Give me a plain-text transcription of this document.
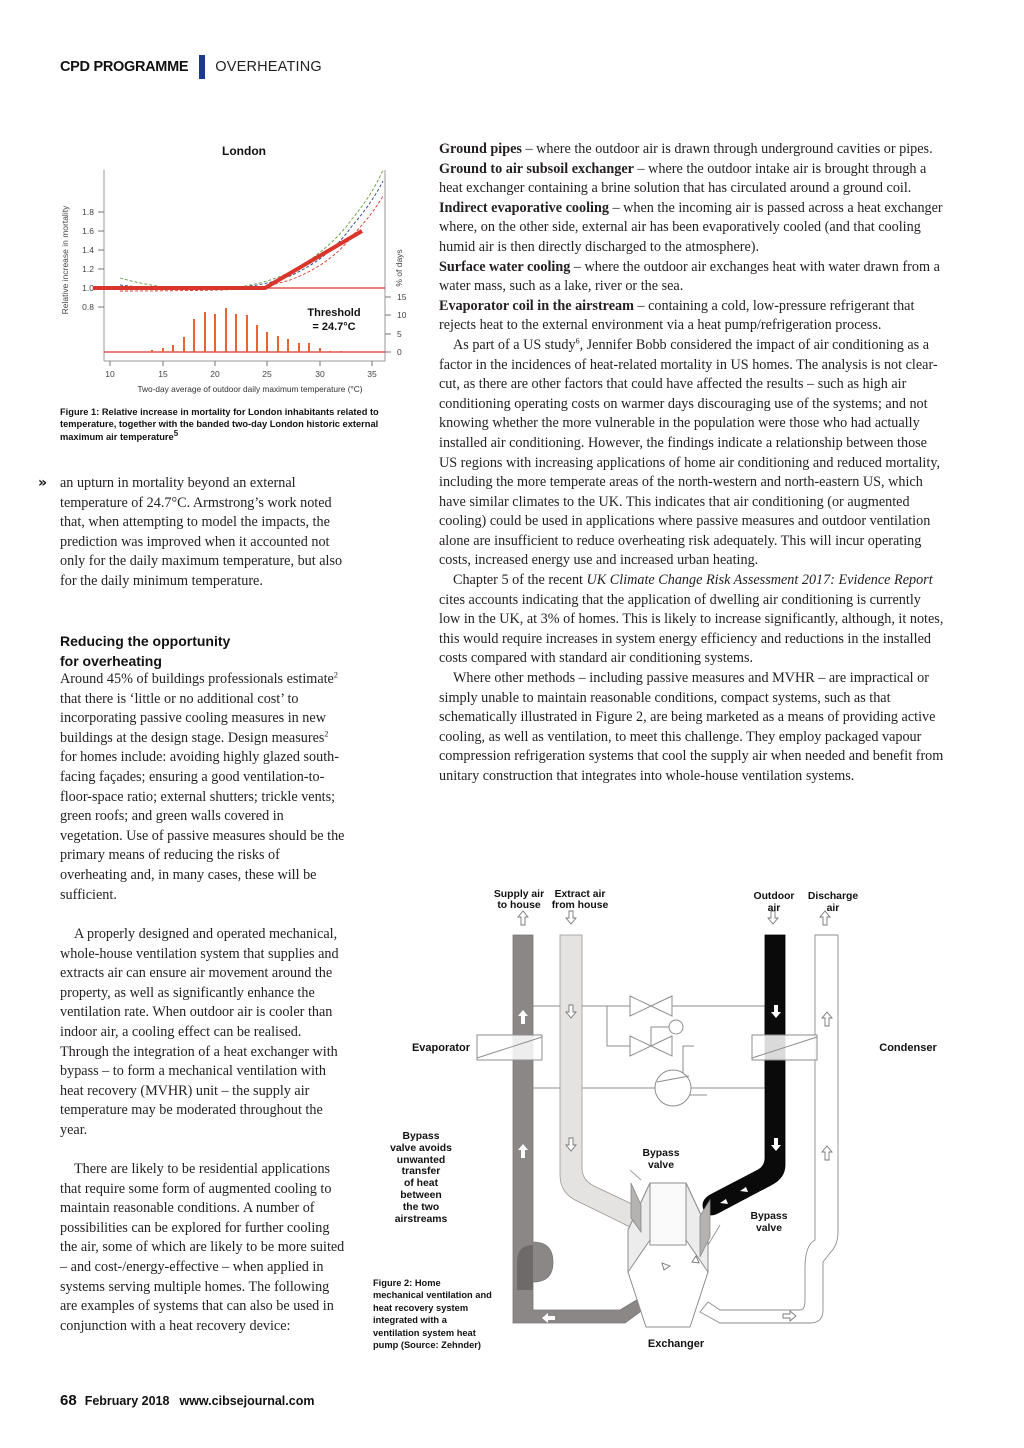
CPD PROGRAMME OVERHEATING
London
1.8
1.6
1.4
1.2
1.0
0.8
Relative increase in mortality	15
10
5
0
% of days
10	15	20	25	30	35
Two-day average of outdoor daily maximum temperature (°C)
Threshold
= 24.7°C
Figure 1: Relative increase in mortality for London inhabitants related to temperature, together with the banded two-day London historic external maximum air temperature$^5$
» an upturn in mortality beyond an external temperature of 24.7°C. Armstrong’s work noted that, when attempting to model the impacts, the prediction was improved when it accounted not only for the daily maximum temperature, but also for the daily minimum temperature.

Reducing the opportunity
for overheating

Around 45% of buildings professionals estimate$^2$ that there is ‘little or no additional cost’ to incorporating passive cooling measures in new buildings at the design stage. Design measures$^2$ for homes include: avoiding highly glazed south-facing façades; ensuring a good ventilation-to-floor-space ratio; external shutters; trickle vents; green roofs; and green walls covered in vegetation. Use of passive measures should be the primary means of reducing the risks of overheating and, in many cases, these will be sufficient.

A properly designed and operated mechanical, whole-house ventilation system that supplies and extracts air can ensure air movement around the property, as well as significantly enhance the ventilation rate. When outdoor air is cooler than indoor air, a cooling effect can be realised. Through the integration of a heat exchanger with bypass – to form a mechanical ventilation with heat recovery (MVHR) unit – the supply air temperature may be moderated throughout the year.

There are likely to be residential applications that require some form of augmented cooling to maintain reasonable conditions. A number of possibilities can be explored for further cooling the air, some of which are likely to be more suited – and cost-/energy-effective – when applied in systems serving multiple homes. The following are examples of systems that can also be used in conjunction with a heat recovery device:

Ground pipes – where the outdoor air is drawn through underground cavities or pipes.

Ground to air subsoil exchanger – where the outdoor intake air is brought through a heat exchanger containing a brine solution that has circulated around a ground coil.

Indirect evaporative cooling – when the incoming air is passed across a heat exchanger where, on the other side, external air has been evaporatively cooled (and that cooling humid air is then directly discharged to the atmosphere).

Surface water cooling – where the outdoor air exchanges heat with water drawn from a water mass, such as a lake, river or the sea.

Evaporator coil in the airstream – containing a cold, low-pressure refrigerant that rejects heat to the external environment via a heat pump/refrigeration process.

As part of a US study$^6$, Jennifer Bobb considered the impact of air conditioning as a factor in the incidences of heat-related mortality in US homes. The analysis is not clear-cut, as there are other factors that could have affected the results – such as high air conditioning operating costs on warmer days discouraging use of the systems; and not knowing whether the more vulnerable in the population were those who had actually installed air conditioning. However, the findings indicate a relationship between those US regions with increasing applications of home air conditioning and reduced mortality, including the more temperate areas of the north-western and north-eastern US, which have similar climates to the UK. This indicates that air conditioning (or augmented cooling) could be used in applications where passive measures and outdoor ventilation alone are insufficient to reduce overheating risk adequately. This will incur operating costs, increased energy use and increased urban heating.

Chapter 5 of the recent UK Climate Change Risk Assessment 2017: Evidence Report cites accounts indicating that the application of dwelling air conditioning is currently low in the UK, at 3% of homes. This is likely to increase significantly, although, it notes, this would require increases in system energy efficiency and reductions in the installed costs compared with standard air conditioning systems.

Where other methods – including passive measures and MVHR – are impractical or simply unable to maintain reasonable conditions, compact systems, such as that schematically illustrated in Figure 2, are being marketed as a means of providing active cooling, as well as ventilation, to meet this challenge. They employ packaged vapour compression refrigeration systems that cool the supply air when needed and benefit from unitary construction that integrates into whole-house ventilation systems.

Supply air
to house
Extract air
from house
Outdoor
air
Discharge
air
Evaporator	Condenser
Bypass
valve
Bypass
valve
Exchanger
Bypass
valve avoids
unwanted
transfer
of heat
between
the two
airstreams
Figure 2: Home mechanical ventilation and heat recovery system integrated with a ventilation system heat pump (Source: Zehnder)
68 February 2018 www.cibsejournal.com
